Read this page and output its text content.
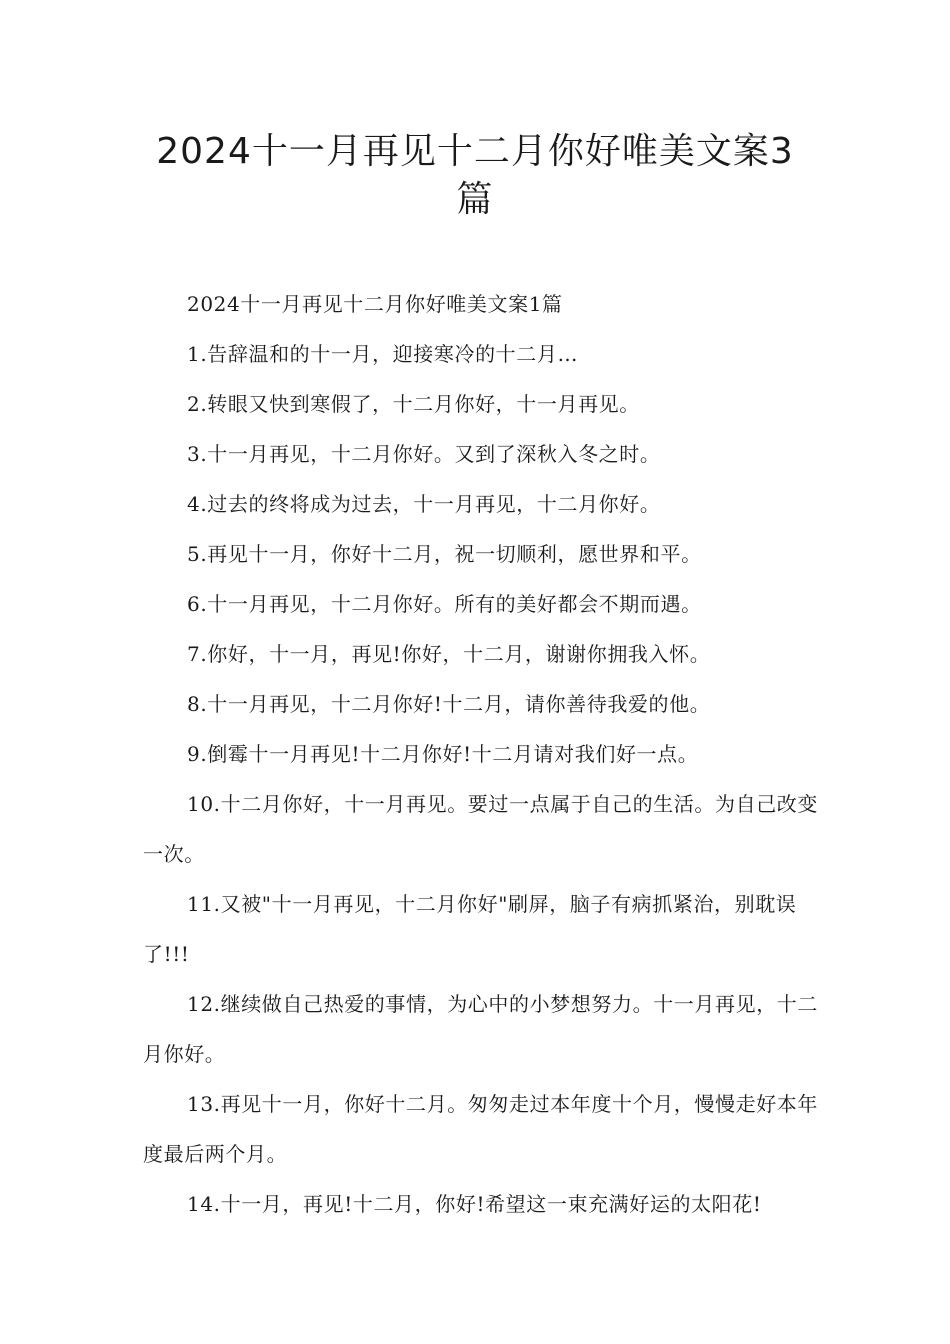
2024十一月再见十二月你好唯美文案3
篇

2024十一月再见十二月你好唯美文案1篇

1.告辞温和的十一月，迎接寒冷的十二月…

2.转眼又快到寒假了，十二月你好，十一月再见。

3.十一月再见，十二月你好。又到了深秋入冬之时。

4.过去的终将成为过去，十一月再见，十二月你好。

5.再见十一月，你好十二月，祝一切顺利，愿世界和平。

6.十一月再见，十二月你好。所有的美好都会不期而遇。

7.你好，十一月，再见!你好，十二月，谢谢你拥我入怀。

8.十一月再见，十二月你好!十二月，请你善待我爱的他。

9.倒霉十一月再见!十二月你好!十二月请对我们好一点。

10.十二月你好，十一月再见。要过一点属于自己的生活。为自己改变一次。

11.又被"十一月再见，十二月你好"刷屏，脑子有病抓紧治，别耽误了!!!

12.继续做自己热爱的事情，为心中的小梦想努力。十一月再见，十二月你好。

13.再见十一月，你好十二月。匆匆走过本年度十个月，慢慢走好本年度最后两个月。

14.十一月，再见!十二月，你好!希望这一束充满好运的太阳花!
